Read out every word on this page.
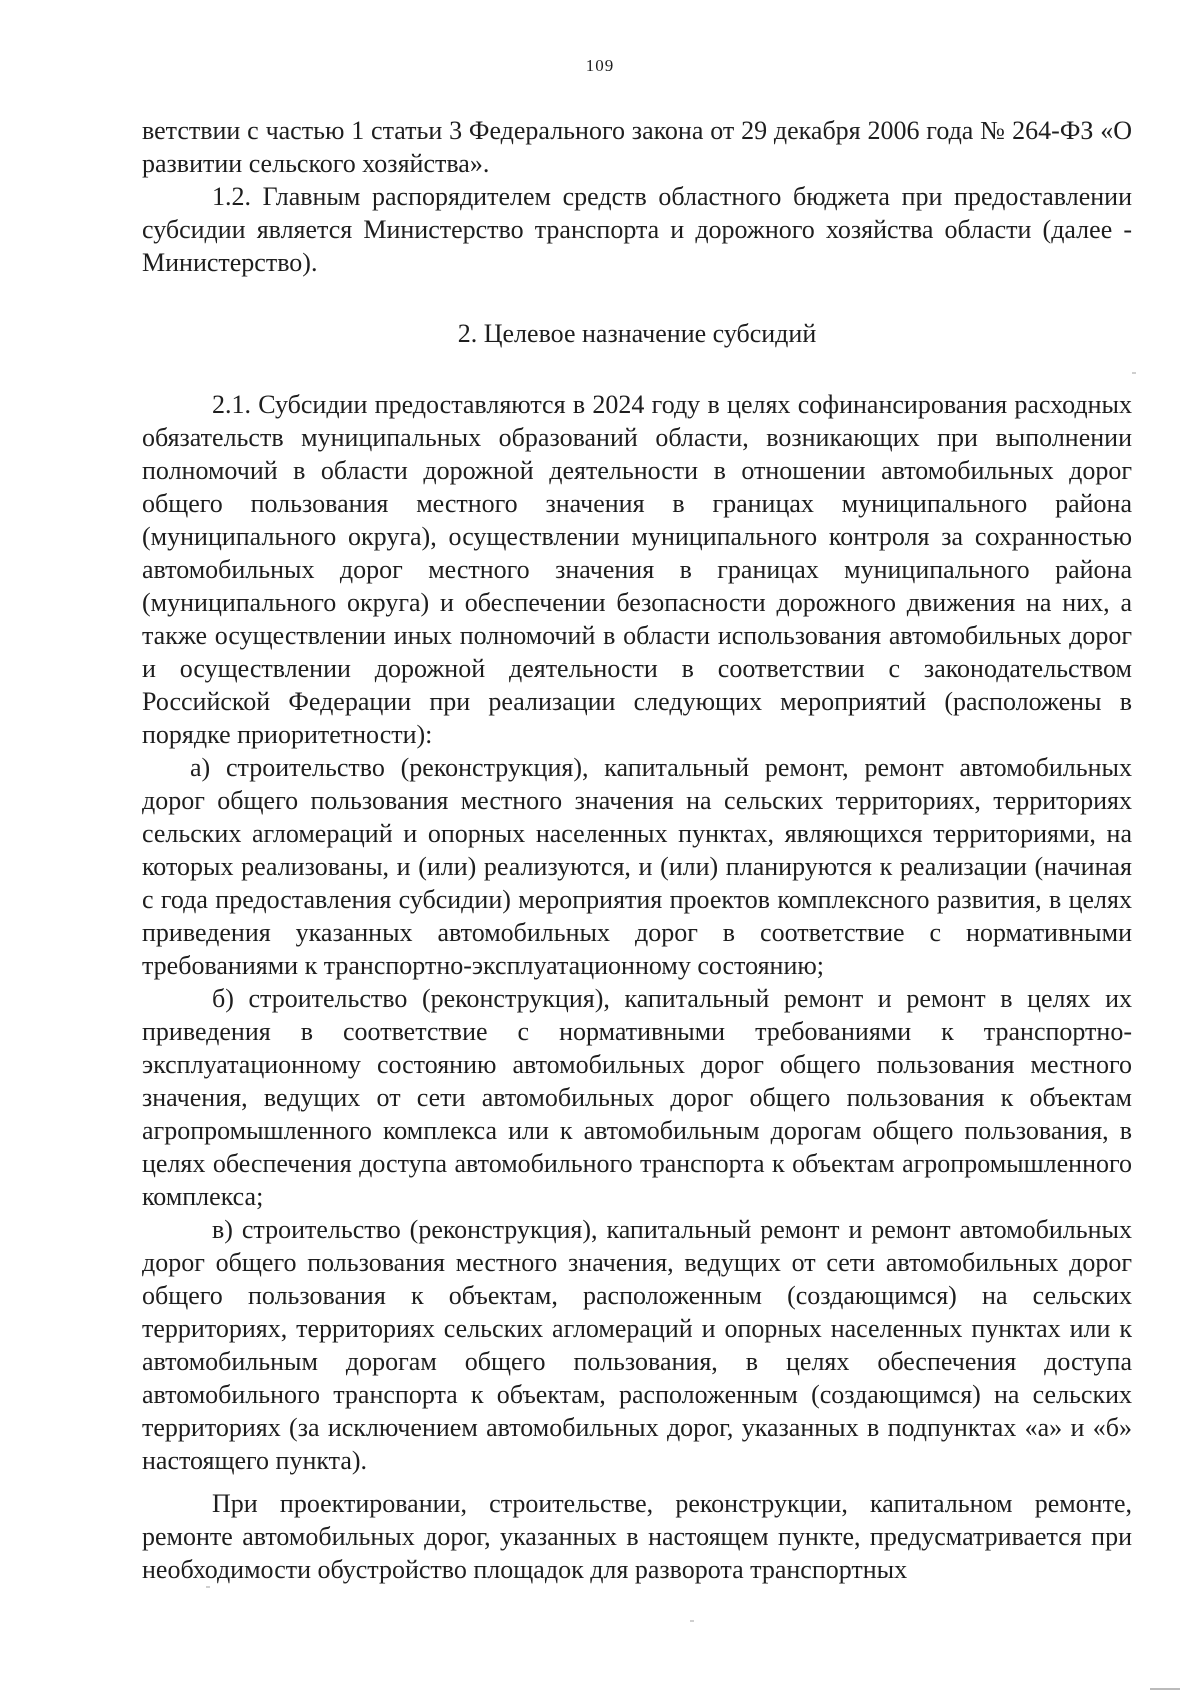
109

ветствии с частью 1 статьи 3 Федерального закона от 29 декабря 2006 года № 264-ФЗ «О развитии сельского хозяйства».

1.2. Главным распорядителем средств областного бюджета при предоставлении субсидии является Министерство транспорта и дорожного хозяйства области (далее - Министерство).

2. Целевое назначение субсидий

2.1. Субсидии предоставляются в 2024 году в целях софинансирования расходных обязательств муниципальных образований области, возникающих при выполнении полномочий в области дорожной деятельности в отношении автомобильных дорог общего пользования местного значения в границах муниципального района (муниципального округа), осуществлении муниципального контроля за сохранностью автомобильных дорог местного значения в границах муниципального района (муниципального округа) и обеспечении безопасности дорожного движения на них, а также осуществлении иных полномочий в области использования автомобильных дорог и осуществлении дорожной деятельности в соответствии с законодательством Российской Федерации при реализации следующих мероприятий (расположены в порядке приоритетности):

а) строительство (реконструкция), капитальный ремонт, ремонт автомобильных дорог общего пользования местного значения на сельских территориях, территориях сельских агломераций и опорных населенных пунктах, являющихся территориями, на которых реализованы, и (или) реализуются, и (или) планируются к реализации (начиная с года предоставления субсидии) мероприятия проектов комплексного развития, в целях приведения указанных автомобильных дорог в соответствие с нормативными требованиями к транспортно-эксплуатационному состоянию;

б) строительство (реконструкция), капитальный ремонт и ремонт в целях их приведения в соответствие с нормативными требованиями к транспортно-эксплуатационному состоянию автомобильных дорог общего пользования местного значения, ведущих от сети автомобильных дорог общего пользования к объектам агропромышленного комплекса или к автомобильным дорогам общего пользования, в целях обеспечения доступа автомобильного транспорта к объектам агропромышленного комплекса;

в) строительство (реконструкция), капитальный ремонт и ремонт автомобильных дорог общего пользования местного значения, ведущих от сети автомобильных дорог общего пользования к объектам, расположенным (создающимся) на сельских территориях, территориях сельских агломераций и опорных населенных пунктах или к автомобильным дорогам общего пользования, в целях обеспечения доступа автомобильного транспорта к объектам, расположенным (создающимся) на сельских территориях (за исключением автомобильных дорог, указанных в подпунктах «а» и «б» настоящего пункта).

При проектировании, строительстве, реконструкции, капитальном ремонте, ремонте автомобильных дорог, указанных в настоящем пункте, предусматривается при необходимости обустройство площадок для разворота транспортных
